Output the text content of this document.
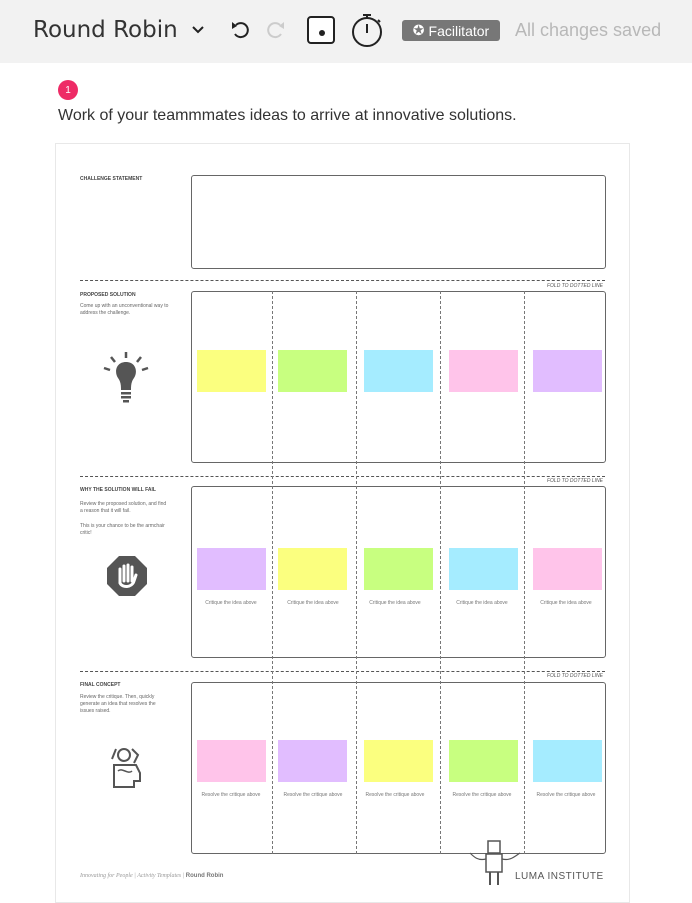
Round Robin	✪ Facilitator All changes saved
1
Work of your teammmates ideas to arrive at innovative solutions.
CHALLENGE STATEMENT
FOLD TO DOTTED LINE
PROPOSED SOLUTION
Come up with an unconventional way to address the challenge.
FOLD TO DOTTED LINE
WHY THE SOLUTION WILL FAIL
Review the proposed solution, and find a reason that it will fail.
This is your chance to be the armchair critic!
Critique the idea above	Critique the idea above	Critique the idea above	Critique the idea above	Critique the idea above
FOLD TO DOTTED LINE
FINAL CONCEPT
Review the critique. Then, quickly generate an idea that resolves the issues raised.
Resolve the critique above	Resolve the critique above	Resolve the critique above	Resolve the critique above	Resolve the critique above
Innovating for People | Activity Templates | Round Robin	LUMA INSTITUTE
